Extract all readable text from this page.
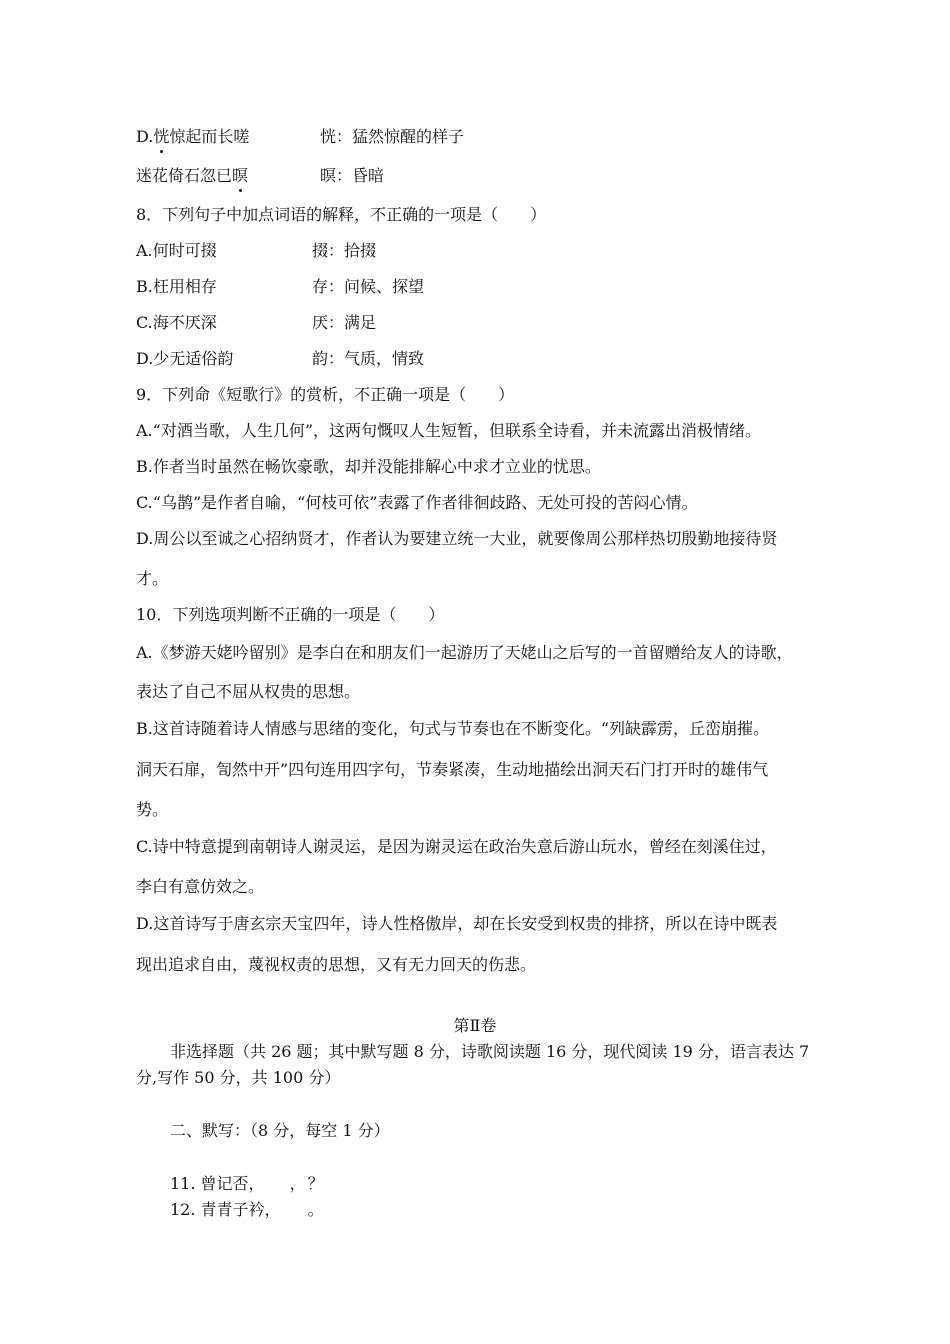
D.恍惊起而长嗟	恍：猛然惊醒的样子
迷花倚石忽已暝	暝：昏暗
8．下列句子中加点词语的解释，不正确的一项是（　　）
A.何时可掇	掇：拾掇
B.枉用相存	存：问候、探望
C.海不厌深	厌：满足
D.少无适俗韵	韵：气质，情致
9．下列命《短歌行》的赏析，不正确一项是（　　）
A.“对酒当歌，人生几何”，这两句慨叹人生短暂，但联系全诗看，并未流露出消极情绪。
B.作者当时虽然在畅饮豪歌，却并没能排解心中求才立业的忧思。
C.“乌鹊”是作者自喻，“何枝可依”表露了作者徘徊歧路、无处可投的苦闷心情。
D.周公以至诚之心招纳贤才，作者认为要建立统一大业，就要像周公那样热切殷勤地接待贤
才。
10．下列选项判断不正确的一项是（　　）
A.《梦游天姥吟留别》是李白在和朋友们一起游历了天姥山之后写的一首留赠给友人的诗歌，
表达了自己不屈从权贵的思想。
B.这首诗随着诗人情感与思绪的变化，句式与节奏也在不断变化。“列缺霹雳，丘峦崩摧。
洞天石扉，訇然中开”四句连用四字句，节奏紧凑，生动地描绘出洞天石门打开时的雄伟气
势。
C.诗中特意提到南朝诗人谢灵运，是因为谢灵运在政治失意后游山玩水，曾经在刻溪住过，
李白有意仿效之。
D.这首诗写于唐玄宗天宝四年，诗人性格傲岸，却在长安受到权贵的排挤，所以在诗中既表
现出追求自由，蔑视权责的思想，又有无力回天的伤悲。
第Ⅱ卷
非选择题（共 26 题；其中默写题 8 分，诗歌阅读题 16 分，现代阅读 19 分，语言表达 7
分,写作 50 分，共 100 分）
二、默写：（8 分，每空 1 分）
11. 曾记否， ， ？
12. 青青子衿， 。
